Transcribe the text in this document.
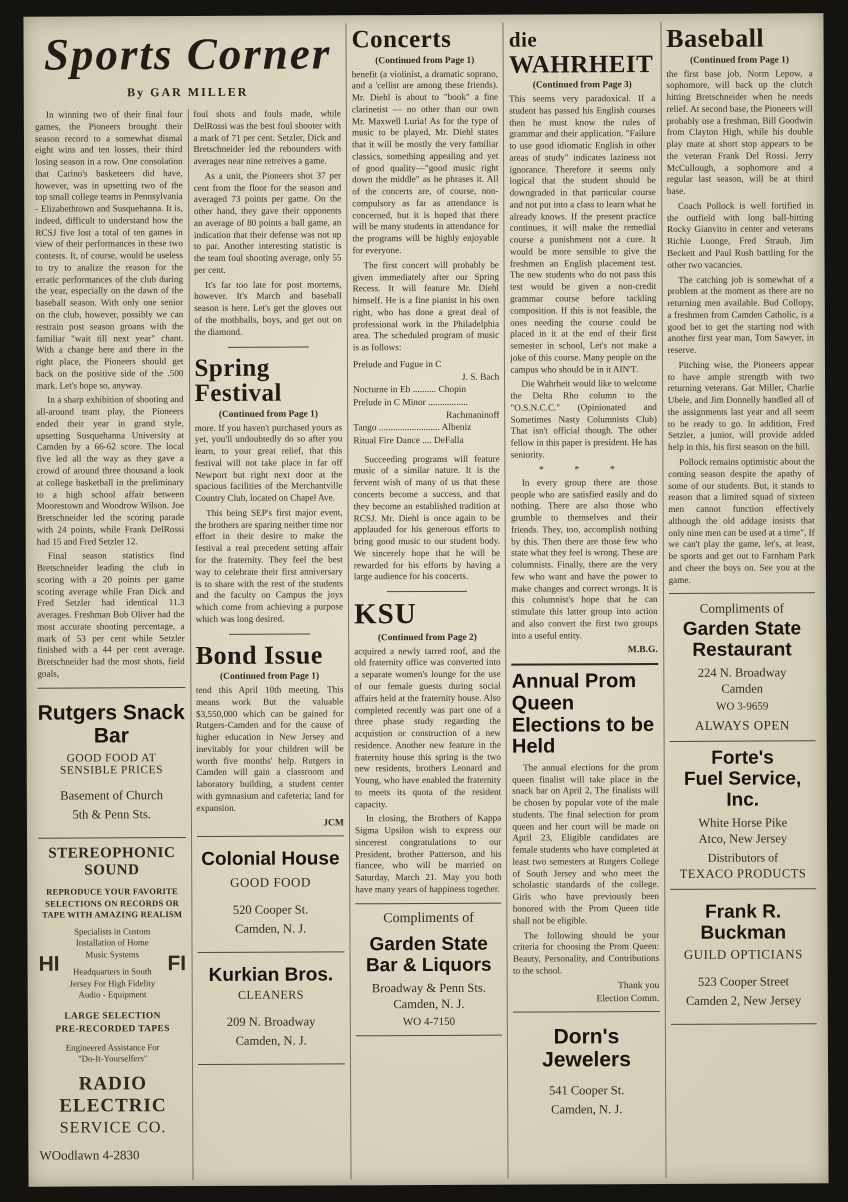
Sports Corner
By GAR MILLER

In winning two of their final four games, the Pioneers brought their season record to a somewhat dismal eight wins and ten losses, their third losing season in a row. One consolation that Carino's basketeers did have, however, was in upsetting two of the top small college teams in Pennsylvania - Elizabethtown and Susquehanna. It is, indeed, difficult to understand how the RCSJ five lost a total of ten games in view of their performances in these two contests. It, of course, would be useless to try to analize the reason for the erratic performances of the club during the year, especially on the dawn of the baseball season. With only one senior on the club, however, possibly we can restrain post season groans with the familiar "wait till next year" chant. With a change here and there in the right place, the Pioneers should get back on the positive side of the .500 mark. Let's hope so, anyway.

In a sharp exhibition of shooting and all-around team play, the Pioneers ended their year in grand style, upsetting Susquehanna University at Camden by a 66-62 score. The local five led all the way as they gave a crowd of around three thousand a look at college basketball in the preliminary to a high school affair between Moorestown and Woodrow Wilson. Joe Bretschneider led the scoring parade with 24 points, while Frank DelRossi had 15 and Fred Setzler 12.

Final season statistics find Bretschneider leading the club in scoring with a 20 points per game scoring average while Fran Dick and Fred Setzler had identical 11.3 averages. Freshman Bob Oliver had the most accurate shooting percentage, a mark of 53 per cent while Setzler finished with a 44 per cent average. Bretschneider had the most shots, field goals,

Rutgers Snack Bar
GOOD FOOD AT
SENSIBLE PRICES
Basement of Church
5th & Penn Sts.
STEREOPHONIC
SOUND
REPRODUCE YOUR FAVORITE
SELECTIONS ON RECORDS OR
TAPE WITH AMAZING REALISM
HI	FI
Specialists in Custom
Installation of Home
Music Systems
Headquarters in South
Jersey For High Fidelity
Audio - Equipment
LARGE SELECTION
PRE-RECORDED TAPES
Engineered Assistance For
"Do-It-Yourselfers"
RADIO ELECTRIC
SERVICE CO.
WOodlawn 4-2830

foul shots and fouls made, while DelRossi was the best foul shooter with a mark of 71 per cent. Setzler, Dick and Bretschneider led the rebounders with averages near nine retreives a game.

As a unit, the Pioneers shot 37 per cent from the floor for the season and averaged 73 points per game. On the other hand, they gave their opponents an average of 80 points a ball game, an indication that their defense was not up to par. Another interesting statistic is the team foul shooting average, only 55 per cent.

It's far too late for post mortems, however. It's March and baseball season is here. Let's get the gloves out of the mothballs, boys, and get out on the diamond.

Spring Festival
(Continued from Page 1)

more. If you haven't purchased yours as yet, you'll undoubtedly do so after you learn, to your great relief, that this festival will not take place in far off Newport but right next door at the spacious facilities of the Merchantville Country Club, located on Chapel Ave.

This being SEP's first major event, the brothers are sparing neither time nor effort in their desire to make the festival a real precedent setting affair for the fraternity. They feel the best way to celebrate their first anniversary is to share with the rest of the students and the faculty on Campus the joys which come from achieving a purpose which was long desired.

Bond Issue
(Continued from Page 1)

tend this April 10th meeting. This means work But the valuable $3,550,000 which can be gained for Rutgers-Camden and for the cause of higher education in New Jersey and inevitably for your children will be worth five months' help. Rutgers in Camden will gain a classroom and laboratory building, a student center with gymnasium and cafeteria; land for expansion.

JCM
Colonial House
GOOD FOOD
520 Cooper St.
Camden, N. J.
Kurkian Bros.
CLEANERS
209 N. Broadway
Camden, N. J.
Concerts
(Continued from Page 1)

benefit (a violinist, a dramatic soprano, and a 'cellist are among these friends). Mr. Diehl is about to "book" a fine clarinetist — no other than our own Mr. Maxwell Luria! As for the type of music to be played, Mr. Diehl states that it will be mostly the very familiar classics, something appealing and yet of good quality—"good music right down the middle" as he phrases it. All of the concerts are, of course, non-compulsory as far as attendance is concerned, but it is hoped that there will be many students in attendance for the programs will be highly enjoyable for everyone.

The first concert will probably be given immediately after our Spring Recess. It will feature Mr. Diehl himself. He is a fine pianist in his own right, who has done a great deal of professional work in the Philadelphia area. The scheduled program of music is as follows:

Prelude and Fugue in C
J. S. Bach
Nocturne in Eb .......... Chopin
Prelude in C Minor .................
Rachmaninoff
Tango .......................... Albeniz
Ritual Fire Dance .... DeFalla

Succeeding programs will feature music of a similar nature. It is the fervent wish of many of us that these concerts become a success, and that they become an established tradition at RCSJ. Mr. Diehl is once again to be applauded for his generous efforts to bring good music to our student body. We sincerely hope that he will be rewarded for his efforts by having a large audience for his concerts.

KSU
(Continued from Page 2)

acquired a newly tarred roof, and the old fraternity office was converted into a separate women's lounge for the use of our female guests during social affairs held at the fraternity house. Also completed recently was part one of a three phase study regarding the acquistion or construction of a new residence. Another new feature in the fraternity house this spring is the two new residents, brothers Leonard and Young, who have enabled the fraternity to meets its quota of the resident capacity.

In closing, the Brothers of Kappa Sigma Upsilon wish to express our sincerest congratulations to our President, brother Patterson, and his fiancee, who will be married on Saturday, March 21. May you both have many years of happiness together.

Compliments of
Garden State
Bar & Liquors
Broadway & Penn Sts.
Camden, N. J.
WO 4-7150
die WAHRHEIT
(Continued from Page 3)

This seems very paradoxical. If a student has passed his English courses then he must know the rules of grammar and their application. "Failure to use good idiomatic English in other areas of study" indicates laziness not ignorance. Therefore it seems only logical that the student should be downgraded in that particular course and not put into a class to learn what he already knows. If the present practice continues, it will make the remedial course a punishment not a cure. It would be more sensible to give the freshmen an English placement test. The new students who do not pass this test would be given a non-credit grammar course before tackling composition. If this is not feasible, the ones needing the course could be placed in it at the end of their first semester in school, Let's not make a joke of this course. Many people on the campus who should be in it AIN'T.

Die Wahrheit would like to welcome the Delta Rho column to the "O.S.N.C.C." (Opinionated and Sometimes Nasty Columnists Club) That isn't official though. The other fellow in this paper is president. He has seniority.

* * *

In every group there are those people who are satisfied easily and do nothing. There are also those who grumble to themselves and their friends. They, too, accomplish nothing by this. Then there are those few who state what they feel is wrong. These are columnists. Finally, there are the very few who want and have the power to make changes and correct wrongs. It is this columnist's hope that he can stimulate this latter group into action and also convert the first two groups into a useful entity.

M.B.G.
Annual Prom Queen Elections to be Held

The annual elections for the prom queen finalist will take place in the snack bar on April 2, The finalists will be chosen by popular vote of the male students. The final selection for prom queen and her court will be made on April 23, Eligible candidates are female students who have completed at least two semesters at Rutgers College of South Jersey and who meet the scholastic standards of the college. Girls who have previously been honored with the Prom Queen title shall not be eligible.

The following should be your criteria for choosing the Prom Queen: Beauty, Personality, and Contributions to the school.

Thank you
Election Comm.
Dorn's Jewelers
541 Cooper St.
Camden, N. J.
Baseball
(Continued from Page 1)

the first base job. Norm Lepow, a sophomore, will back up the clutch hitting Bretschneider when he needs relief. At second base, the Pioneers will probably use a freshman, Bill Goodwin from Clayton High, while his double play mate at short stop appears to be the veteran Frank Del Rossi. Jerry McCullough, a sophomore and a regular last season, will be at third base.

Coach Pollock is well fortified in the outfield with long ball-hitting Rocky Gianvito in center and veterans Richie Luonge, Fred Straub, Jim Beckett and Paul Rush battling for the other two vacancies.

The catching job is somewhat of a problem at the moment as there are no returning men available. Bud Collopy, a freshmen from Camden Catholic, is a good bet to get the starting nod with another first year man, Tom Sawyer, in reserve.

Pitching wise, the Pioneers appear to have ample strength with two returning veterans. Gar Miller, Charlie Ubele, and Jim Donnelly handled all of the assignments last year and all seem to be ready to go. In addition, Fred Setzler, a junior, will provide added help in this, his first season on the hill.

Pollock remains optimistic about the coming season despite the apathy of some of our students. But, it stands to reason that a limited squad of sixteen men cannot function effectively although the old addage insists that only nine men can be used at a time", If we can't play the game, let's, at least, be sports and get out to Farnham Park and cheer the boys on. See you at the game.

Compliments of
Garden State
Restaurant
224 N. Broadway
Camden
WO 3-9659
ALWAYS OPEN
Forte's
Fuel Service, Inc.
White Horse Pike
Atco, New Jersey
Distributors of
TEXACO PRODUCTS
Frank R. Buckman
GUILD OPTICIANS
523 Cooper Street
Camden 2, New Jersey
